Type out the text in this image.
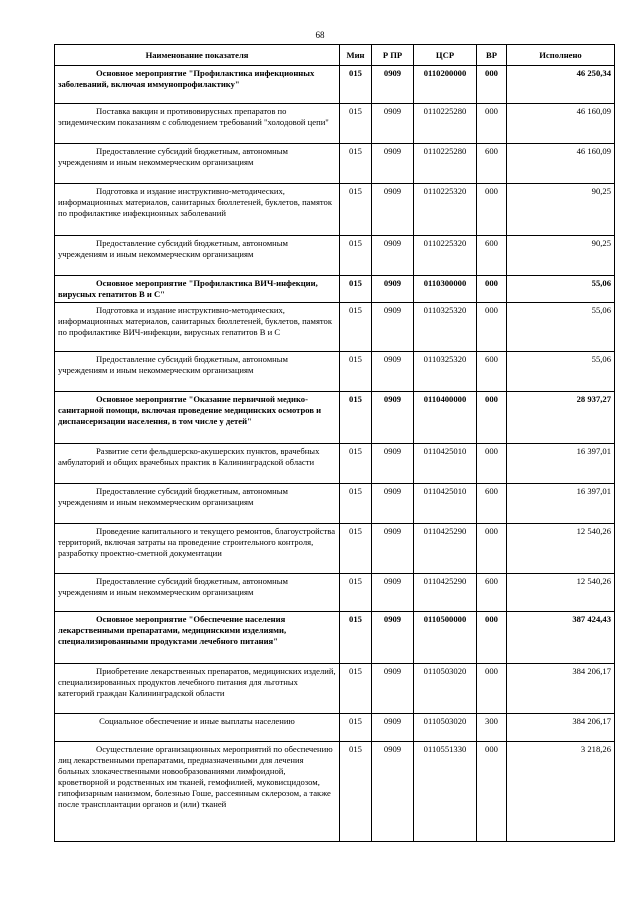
68
Наименование показателя	Мин	Р ПР	ЦСР	ВР	Исполнено
Основное мероприятие "Профилактика инфекционных заболеваний, включая иммунопрофилактику"	015	0909	0110200000	000	46 250,34
Поставка вакцин и противовирусных препаратов по эпидемическим показаниям с соблюдением требований "холодовой цепи"	015	0909	0110225280	000	46 160,09
Предоставление субсидий бюджетным, автономным учреждениям и иным некоммерческим организациям	015	0909	0110225280	600	46 160,09
Подготовка и издание инструктивно-методических, информационных материалов, санитарных бюллетеней, буклетов, памяток по профилактике инфекционных заболеваний	015	0909	0110225320	000	90,25
Предоставление субсидий бюджетным, автономным учреждениям и иным некоммерческим организациям	015	0909	0110225320	600	90,25
Основное мероприятие "Профилактика ВИЧ-инфекции, вирусных гепатитов В и С"	015	0909	0110300000	000	55,06
Подготовка и издание инструктивно-методических, информационных материалов, санитарных бюллетеней, буклетов, памяток по профилактике ВИЧ-инфекции, вирусных гепатитов В и С	015	0909	0110325320	000	55,06
Предоставление субсидий бюджетным, автономным учреждениям и иным некоммерческим организациям	015	0909	0110325320	600	55,06
Основное мероприятие "Оказание первичной медико-санитарной помощи, включая проведение медицинских осмотров и диспансеризации населения, в том числе у детей"	015	0909	0110400000	000	28 937,27
Развитие сети фельдшерско-акушерских пунктов, врачебных амбулаторий и общих врачебных практик в Калининградской области	015	0909	0110425010	000	16 397,01
Предоставление субсидий бюджетным, автономным учреждениям и иным некоммерческим организациям	015	0909	0110425010	600	16 397,01
Проведение капитального и текущего ремонтов, благоустройства территорий, включая затраты на проведение строительного контроля, разработку проектно-сметной документации	015	0909	0110425290	000	12 540,26
Предоставление субсидий бюджетным, автономным учреждениям и иным некоммерческим организациям	015	0909	0110425290	600	12 540,26
Основное мероприятие "Обеспечение населения лекарственными препаратами, медицинскими изделиями, специализированными продуктами лечебного питания"	015	0909	0110500000	000	387 424,43
Приобретение лекарственных препаратов, медицинских изделий, специализированных продуктов лечебного питания для льготных категорий граждан Калининградской области	015	0909	0110503020	000	384 206,17
Социальное обеспечение и иные выплаты населению	015	0909	0110503020	300	384 206,17
Осуществление организационных мероприятий по обеспечению лиц лекарственными препаратами, предназначенными для лечения больных злокачественными новообразованиями лимфоидной, кроветворной и родственных им тканей, гемофилией, муковисцидозом, гипофизарным нанизмом, болезнью Гоше, рассеянным склерозом, а также после трансплантации органов и (или) тканей	015	0909	0110551330	000	3 218,26
